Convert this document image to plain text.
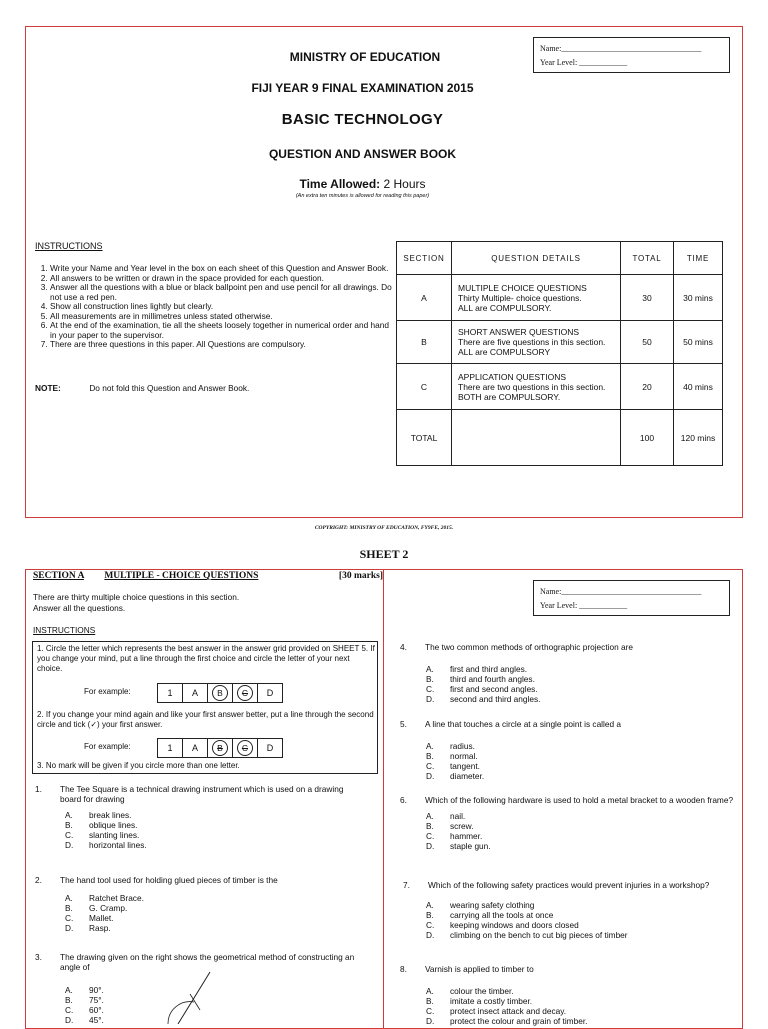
Name:___________________________________
Year Level: ____________
MINISTRY OF EDUCATION
FIJI YEAR 9 FINAL EXAMINATION 2015
BASIC TECHNOLOGY
QUESTION AND ANSWER BOOK
Time Allowed: 2 Hours
(An extra ten minutes is allowed for reading this paper)
INSTRUCTIONS
1. Write your Name and Year level in the box on each sheet of this Question and Answer Book.
2. All answers to be written or drawn in the space provided for each question.
3. Answer all the questions with a blue or black ballpoint pen and use pencil for all drawings. Do not use a red pen.
4. Show all construction lines lightly but clearly.
5. All measurements are in millimetres unless stated otherwise.
6. At the end of the examination, tie all the sheets loosely together in numerical order and hand in your paper to the supervisor.
7. There are three questions in this paper. All Questions are compulsory.
NOTE:	Do not fold this Question and Answer Book.
SECTION	QUESTION DETAILS	TOTAL	TIME
A	MULTIPLE CHOICE QUESTIONS
Thirty Multiple- choice questions.
ALL are COMPULSORY.	30	30 mins
B	SHORT ANSWER QUESTIONS
There are five questions in this section.
ALL are COMPULSORY	50	50 mins
C	APPLICATION QUESTIONS
There are two questions in this section.
BOTH are COMPULSORY.	20	40 mins
TOTAL		100	120 mins
COPYRIGHT: MINISTRY OF EDUCATION, FY9FE, 2015.
SHEET 2
SECTION A MULTIPLE - CHOICE QUESTIONS	[30 marks]
There are thirty multiple choice questions in this section.
Answer all the questions.
INSTRUCTIONS
1. Circle the letter which represents the best answer in the answer grid provided on SHEET 5. If you change your mind, put a line through the first choice and circle the letter of your next choice.
For example:	1	A	B	C	D
2. If you change your mind again and like your first answer better, put a line through the second circle and tick (✓) your first answer.
For example:	1	A	B	C	D
3. No mark will be given if you circle more than one letter.
1.	The Tee Square is a technical drawing instrument which is used on a drawing board for drawing
A. break lines.
B. oblique lines.
C. slanting lines.
D. horizontal lines.
2.	The hand tool used for holding glued pieces of timber is the
A. Ratchet Brace.
B. G. Cramp.
C. Mallet.
D. Rasp.
3.	The drawing given on the right shows the geometrical method of constructing an angle of
A. 90°.
B. 75°.
C. 60°.
D. 45°.
Name:___________________________________
Year Level: ____________
4.	The two common methods of orthographic projection are
A. first and third angles.
B. third and fourth angles.
C. first and second angles.
D. second and third angles.
5.	A line that touches a circle at a single point is called a
A. radius.
B. normal.
C. tangent.
D. diameter.
6.	Which of the following hardware is used to hold a metal bracket to a wooden frame?
A. nail.
B. screw.
C. hammer.
D. staple gun.
7.	Which of the following safety practices would prevent injuries in a workshop?
A. wearing safety clothing
B. carrying all the tools at once
C. keeping windows and doors closed
D. climbing on the bench to cut big pieces of timber
8.	Varnish is applied to timber to
A. colour the timber.
B. imitate a costly timber.
C. protect insect attack and decay.
D. protect the colour and grain of timber.
